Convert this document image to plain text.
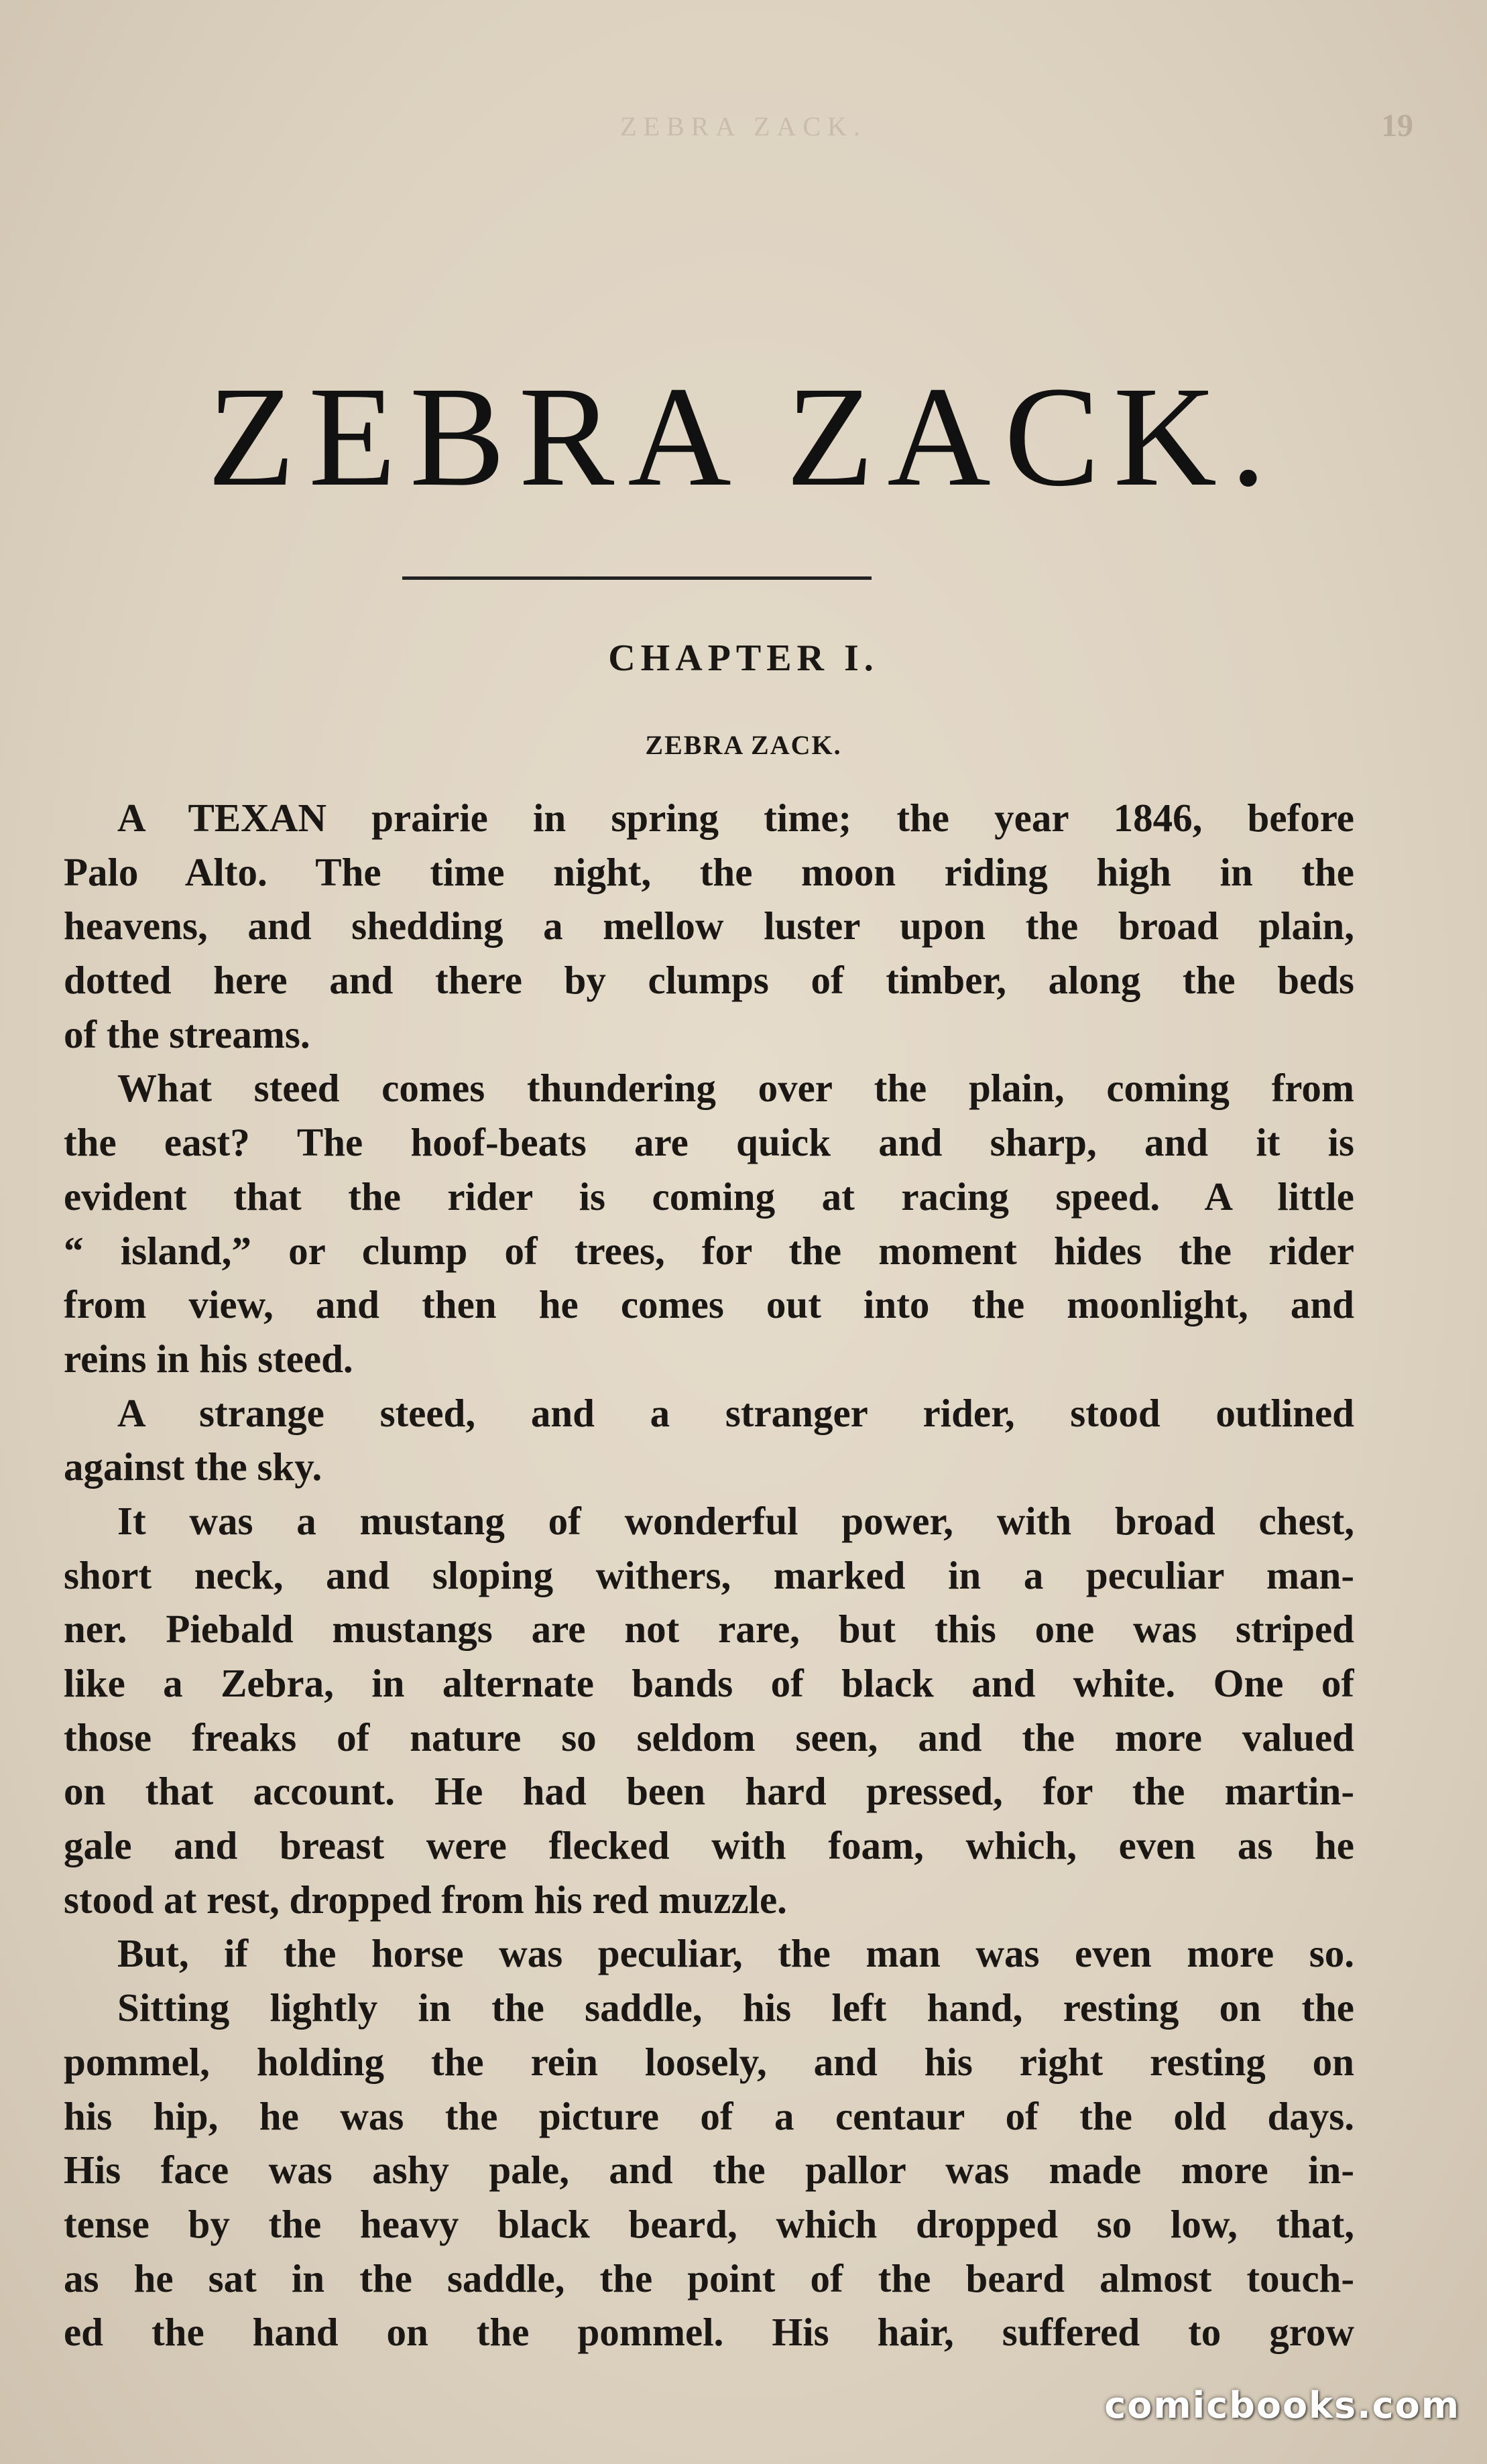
ZEBRA ZACK.	19
ZEBRA ZACK.
CHAPTER I.
ZEBRA ZACK.
A TEXAN prairie in spring time; the year 1846, before
Palo Alto. The time night, the moon riding high in the
heavens, and shedding a mellow luster upon the broad plain,
dotted here and there by clumps of timber, along the beds
of the streams.
What steed comes thundering over the plain, coming from
the east? The hoof-beats are quick and sharp, and it is
evident that the rider is coming at racing speed. A little
“ island,” or clump of trees, for the moment hides the rider
from view, and then he comes out into the moonlight, and
reins in his steed.
A strange steed, and a stranger rider, stood outlined
against the sky.
It was a mustang of wonderful power, with broad chest,
short neck, and sloping withers, marked in a peculiar man-
ner. Piebald mustangs are not rare, but this one was striped
like a Zebra, in alternate bands of black and white. One of
those freaks of nature so seldom seen, and the more valued
on that account. He had been hard pressed, for the martin-
gale and breast were flecked with foam, which, even as he
stood at rest, dropped from his red muzzle.
But, if the horse was peculiar, the man was even more so.
Sitting lightly in the saddle, his left hand, resting on the
pommel, holding the rein loosely, and his right resting on
his hip, he was the picture of a centaur of the old days.
His face was ashy pale, and the pallor was made more in-
tense by the heavy black beard, which dropped so low, that,
as he sat in the saddle, the point of the beard almost touch-
ed the hand on the pommel. His hair, suffered to grow
comicbooks.com
